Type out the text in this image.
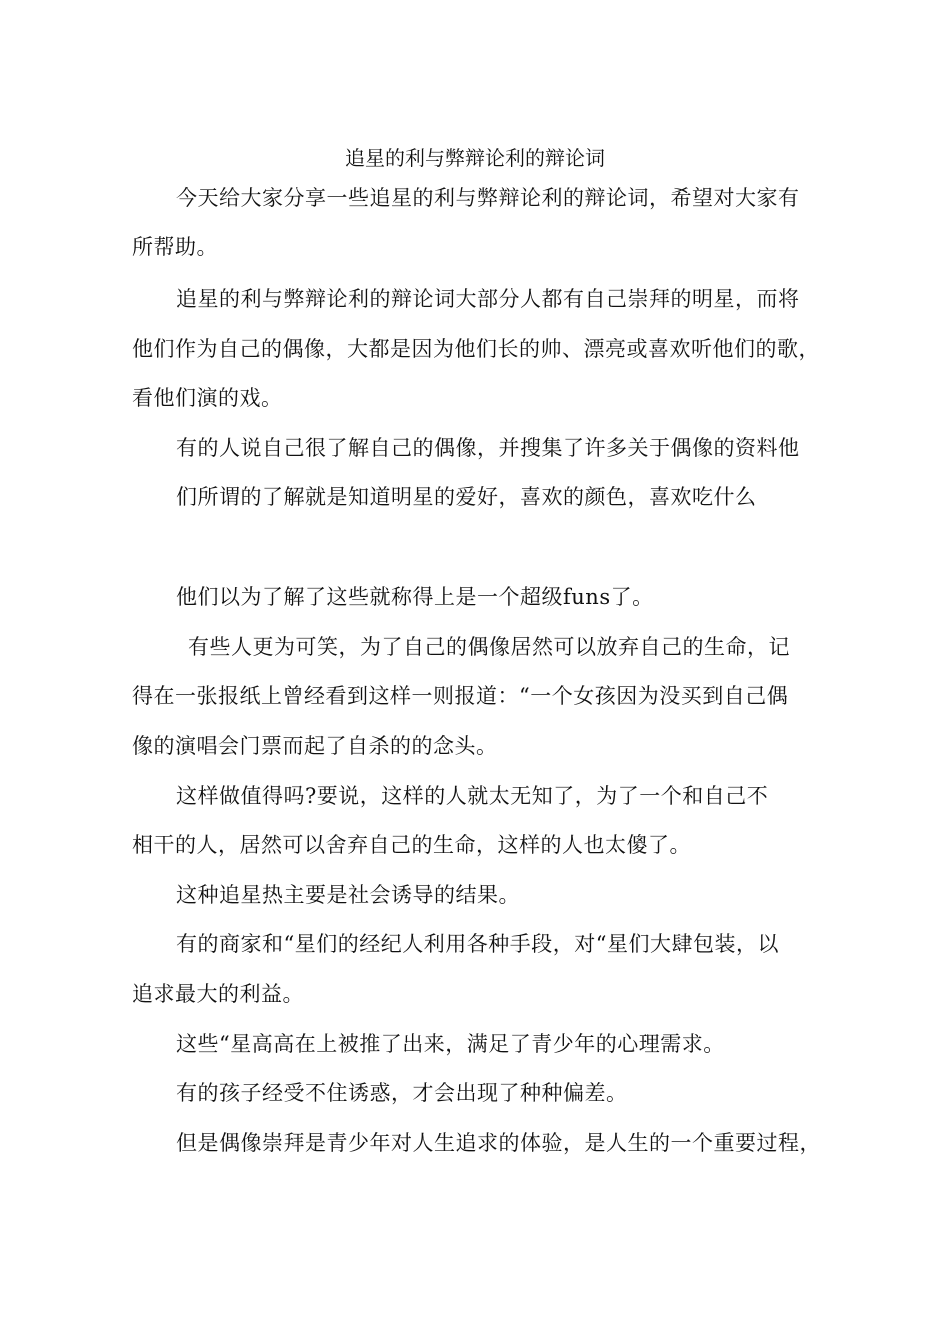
追星的利与弊辩论利的辩论词
今天给大家分享一些追星的利与弊辩论利的辩论词，希望对大家有
所帮助。
追星的利与弊辩论利的辩论词大部分人都有自己崇拜的明星，而将
他们作为自己的偶像，大都是因为他们长的帅、漂亮或喜欢听他们的歌，
看他们演的戏。
有的人说自己很了解自己的偶像，并搜集了许多关于偶像的资料他
们所谓的了解就是知道明星的爱好，喜欢的颜色，喜欢吃什么
他们以为了解了这些就称得上是一个超级funs了。
有些人更为可笑，为了自己的偶像居然可以放弃自己的生命，记
得在一张报纸上曾经看到这样一则报道：“一个女孩因为没买到自己偶
像的演唱会门票而起了自杀的的念头。
这样做值得吗?要说，这样的人就太无知了，为了一个和自己不
相干的人，居然可以舍弃自己的生命，这样的人也太傻了。
这种追星热主要是社会诱导的结果。
有的商家和“星们的经纪人利用各种手段，对“星们大肆包装，以
追求最大的利益。
这些“星高高在上被推了出来，满足了青少年的心理需求。
有的孩子经受不住诱惑，才会出现了种种偏差。
但是偶像崇拜是青少年对人生追求的体验，是人生的一个重要过程，
